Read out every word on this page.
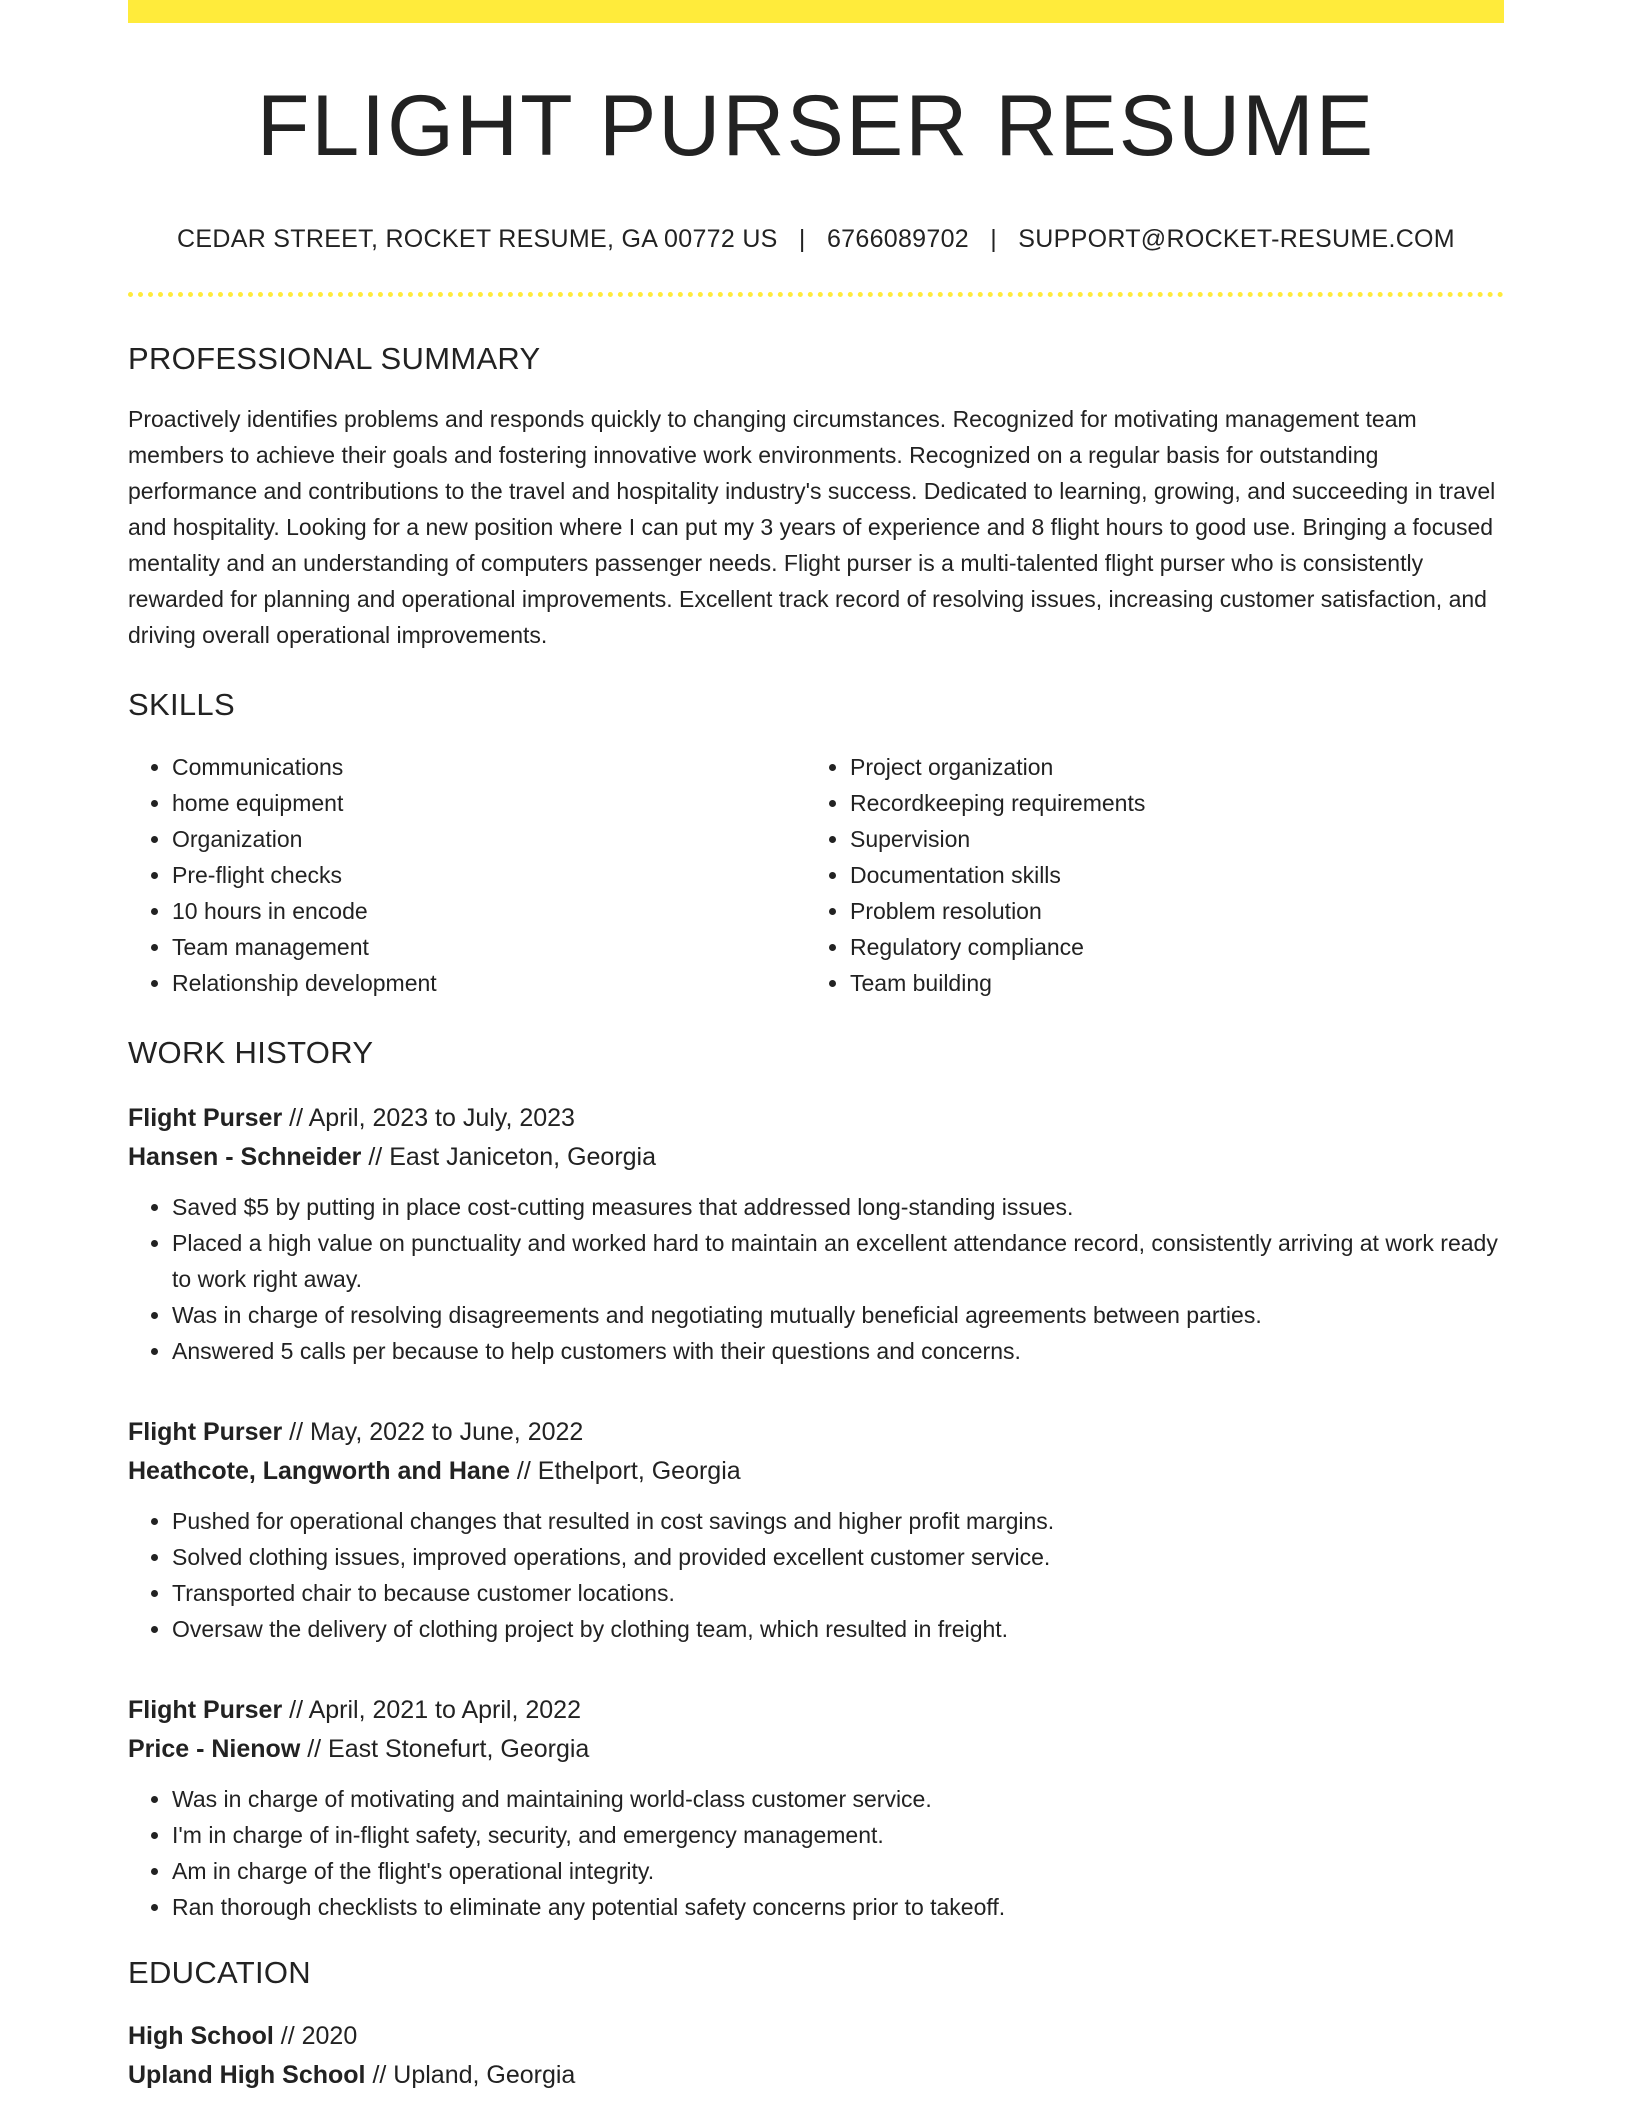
FLIGHT PURSER RESUME
CEDAR STREET, ROCKET RESUME, GA 00772 US | 6766089702 | SUPPORT@ROCKET-RESUME.COM
PROFESSIONAL SUMMARY
Proactively identifies problems and responds quickly to changing circumstances. Recognized for motivating management team members to achieve their goals and fostering innovative work environments. Recognized on a regular basis for outstanding performance and contributions to the travel and hospitality industry's success. Dedicated to learning, growing, and succeeding in travel and hospitality. Looking for a new position where I can put my 3 years of experience and 8 flight hours to good use. Bringing a focused mentality and an understanding of computers passenger needs. Flight purser is a multi-talented flight purser who is consistently rewarded for planning and operational improvements. Excellent track record of resolving issues, increasing customer satisfaction, and driving overall operational improvements.
SKILLS
• Communications
• home equipment
• Organization
• Pre-flight checks
• 10 hours in encode
• Team management
• Relationship development
• Project organization
• Recordkeeping requirements
• Supervision
• Documentation skills
• Problem resolution
• Regulatory compliance
• Team building
WORK HISTORY
Flight Purser // April, 2023 to July, 2023
Hansen - Schneider // East Janiceton, Georgia
• Saved $5 by putting in place cost-cutting measures that addressed long-standing issues.
• Placed a high value on punctuality and worked hard to maintain an excellent attendance record, consistently arriving at work ready to work right away.
• Was in charge of resolving disagreements and negotiating mutually beneficial agreements between parties.
• Answered 5 calls per because to help customers with their questions and concerns.
Flight Purser // May, 2022 to June, 2022
Heathcote, Langworth and Hane // Ethelport, Georgia
• Pushed for operational changes that resulted in cost savings and higher profit margins.
• Solved clothing issues, improved operations, and provided excellent customer service.
• Transported chair to because customer locations.
• Oversaw the delivery of clothing project by clothing team, which resulted in freight.
Flight Purser // April, 2021 to April, 2022
Price - Nienow // East Stonefurt, Georgia
• Was in charge of motivating and maintaining world-class customer service.
• I'm in charge of in-flight safety, security, and emergency management.
• Am in charge of the flight's operational integrity.
• Ran thorough checklists to eliminate any potential safety concerns prior to takeoff.
EDUCATION
High School // 2020
Upland High School // Upland, Georgia
